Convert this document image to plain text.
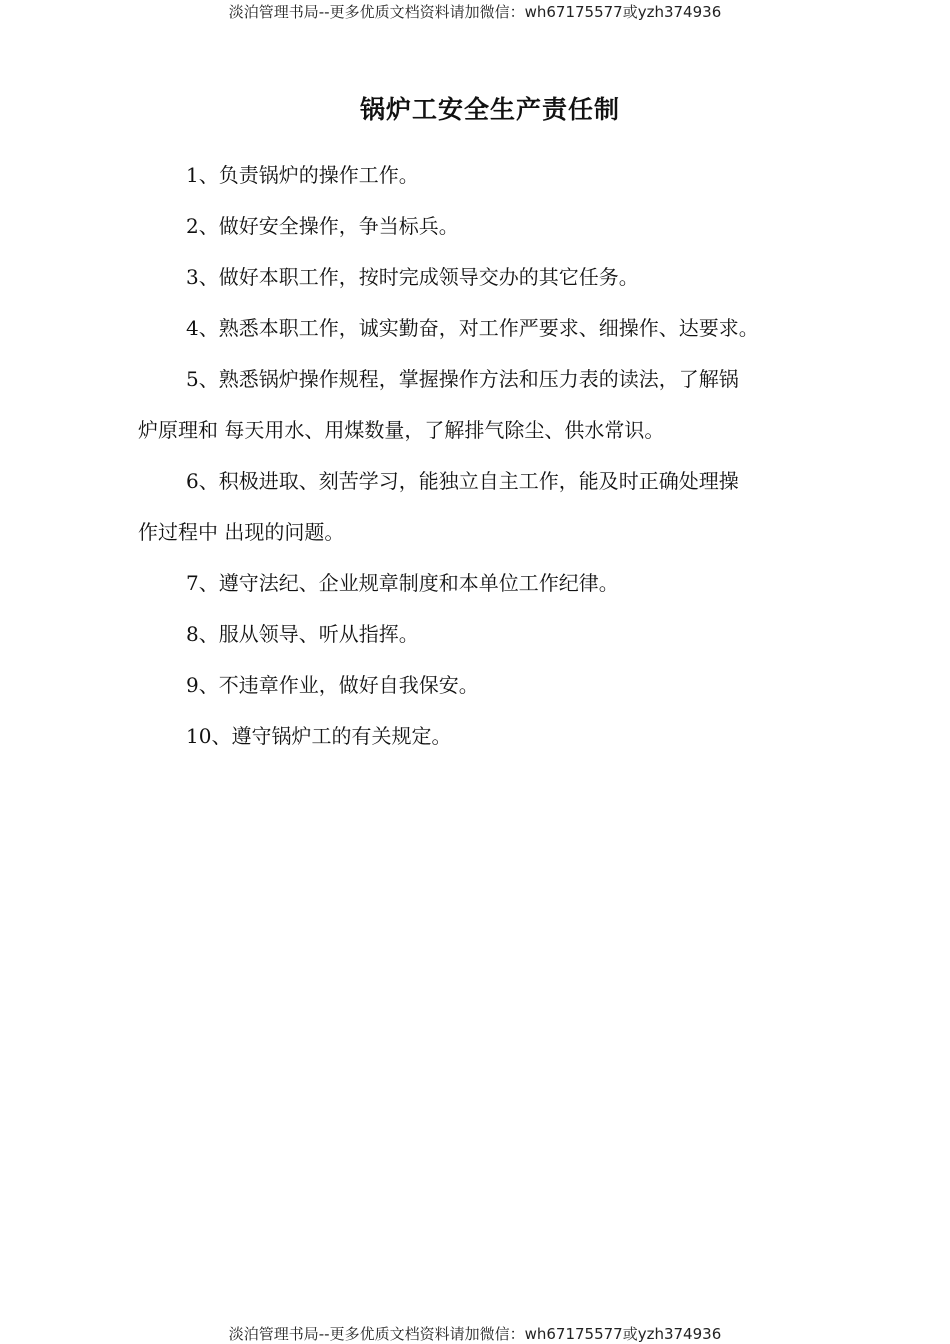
淡泊管理书局--更多优质文档资料请加微信：wh67175577或yzh374936
锅炉工安全生产责任制

1、负责锅炉的操作工作。

2、做好安全操作，争当标兵。

3、做好本职工作，按时完成领导交办的其它任务。

4、熟悉本职工作，诚实勤奋，对工作严要求、细操作、达要求。

5、熟悉锅炉操作规程，掌握操作方法和压力表的读法，了解锅
炉原理和 每天用水、用煤数量，了解排气除尘、供水常识。

6、积极进取、刻苦学习，能独立自主工作，能及时正确处理操
作过程中 出现的问题。

7、遵守法纪、企业规章制度和本单位工作纪律。

8、服从领导、听从指挥。

9、不违章作业，做好自我保安。

10、遵守锅炉工的有关规定。

淡泊管理书局--更多优质文档资料请加微信：wh67175577或yzh374936
